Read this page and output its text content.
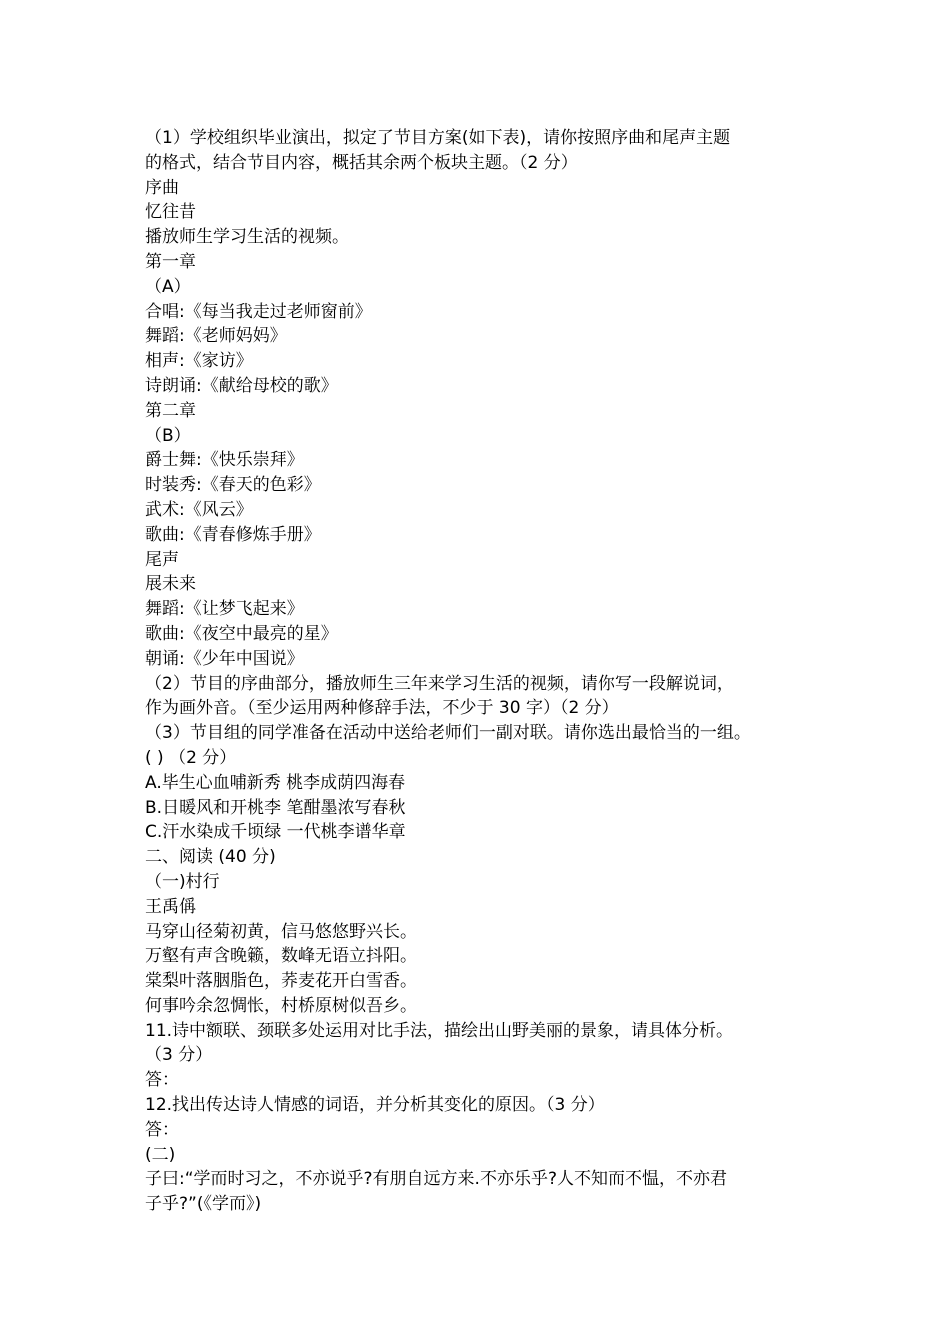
（1）学校组织毕业演出，拟定了节目方案(如下表)，请你按照序曲和尾声主题
的格式，结合节目内容，概括其余两个板块主题。（2 分）
序曲
忆往昔
播放师生学习生活的视频。
第一章
（A）
合唱:《每当我走过老师窗前》
舞蹈:《老师妈妈》
相声:《家访》
诗朗诵:《献给母校的歌》
第二章
（B）
爵士舞:《快乐崇拜》
时装秀:《春天的色彩》
武术:《风云》
歌曲:《青春修炼手册》
尾声
展未来
舞蹈:《让梦飞起来》
歌曲:《夜空中最亮的星》
朝诵:《少年中国说》
（2）节目的序曲部分，播放师生三年来学习生活的视频，请你写一段解说词，
作为画外音。（至少运用两种修辞手法，不少于 30 字）（2 分）
（3）节目组的同学准备在活动中送给老师们一副对联。请你选出最恰当的一组。
( ) （2 分）
A.毕生心血哺新秀 桃李成荫四海春
B.日暖风和开桃李 笔酣墨浓写春秋
C.汗水染成千顷绿 一代桃李谱华章
二、阅读 (40 分)
（一)村行
王禹偁
马穿山径菊初黄，信马悠悠野兴长。
万壑有声含晚籁，数峰无语立抖阳。
棠梨叶落胭脂色，荞麦花开白雪香。
何事吟余忽惆怅，村桥原树似吾乡。
11.诗中额联、颈联多处运用对比手法，描绘出山野美丽的景象，请具体分析。
（3 分）
答：
12.找出传达诗人情感的词语，并分析其变化的原因。（3 分）
答：
(二)
子曰:“学而时习之，不亦说乎?有朋自远方来.不亦乐乎?人不知而不愠，不亦君
子乎?”(《学而》)
